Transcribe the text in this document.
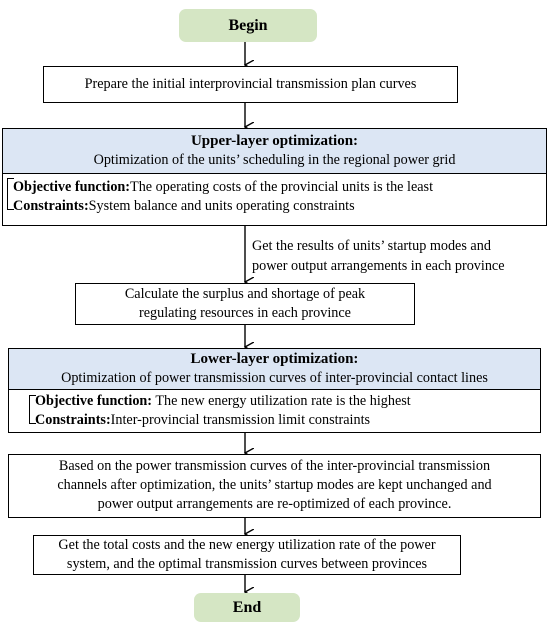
Begin
Prepare the initial interprovincial transmission plan curves
Upper-layer optimization:
Optimization of the units’ scheduling in the regional power grid
Objective function:The operating costs of the provincial units is the least
Constraints:System balance and units operating constraints
Get the results of units’ startup modes and
power output arrangements in each province
Calculate the surplus and shortage of peak
regulating resources in each province
Lower-layer optimization:
Optimization of power transmission curves of inter-provincial contact lines
Objective function: The new energy utilization rate is the highest
Constraints:Inter-provincial transmission limit constraints
Based on the power transmission curves of the inter-provincial transmission
channels after optimization, the units’ startup modes are kept unchanged and
power output arrangements are re-optimized of each province.
Get the total costs and the new energy utilization rate of the power
system, and the optimal transmission curves between provinces
End
